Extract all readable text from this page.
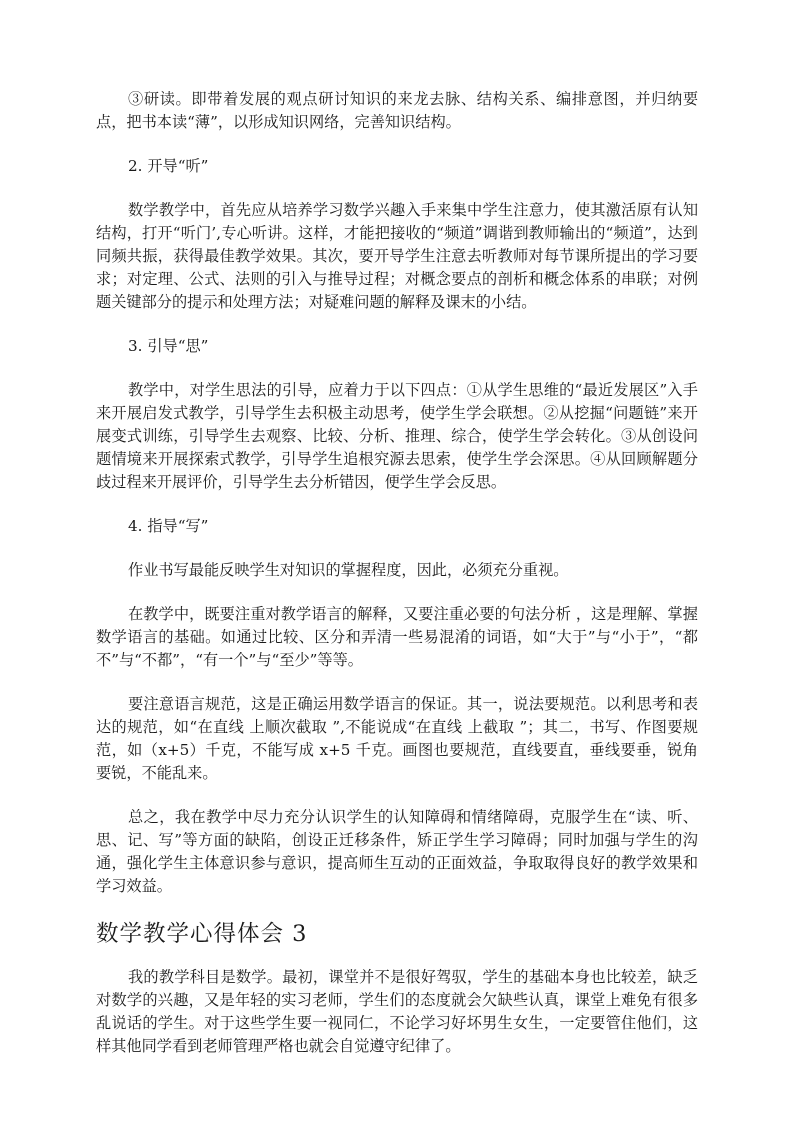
③研读。即带着发展的观点研讨知识的来龙去脉、结构关系、编排意图，并归纳要点，把书本读“薄”，以形成知识网络，完善知识结构。

2. 开导“听”

数学教学中，首先应从培养学习数学兴趣入手来集中学生注意力，使其激活原有认知结构，打开“听门’,专心听讲。这样，才能把接收的“频道”调谐到教师输出的“频道”，达到同频共振，获得最佳教学效果。其次，要开导学生注意去听教师对每节课所提出的学习要求；对定理、公式、法则的引入与推导过程；对概念要点的剖析和概念体系的串联；对例题关键部分的提示和处理方法；对疑难问题的解释及课末的小结。

3. 引导“思”

教学中，对学生思法的引导，应着力于以下四点：①从学生思维的“最近发展区”入手来开展启发式教学，引导学生去积极主动思考，使学生学会联想。②从挖掘“问题链”来开展变式训练，引导学生去观察、比较、分析、推理、综合，使学生学会转化。③从创设问题情境来开展探索式教学，引导学生追根究源去思索，使学生学会深思。④从回顾解题分歧过程来开展评价，引导学生去分析错因，便学生学会反思。

4. 指导“写”

作业书写最能反映学生对知识的掌握程度，因此，必须充分重视。

在教学中，既要注重对教学语言的解释，又要注重必要的句法分析 ，这是理解、掌握数学语言的基础。如通过比较、区分和弄清一些易混淆的词语，如“大于”与“小于”，“都不”与“不都”，“有一个”与“至少”等等。

要注意语言规范，这是正确运用数学语言的保证。其一，说法要规范。以利思考和表达的规范，如“在直线 上顺次截取 ”,不能说成“在直线 上截取 ”；其二，书写、作图要规范，如（x+5）千克，不能写成 x+5 千克。画图也要规范，直线要直，垂线要垂，锐角要锐，不能乱来。

总之，我在教学中尽力充分认识学生的认知障碍和情绪障碍，克服学生在“读、听、思、记、写”等方面的缺陷，创设正迁移条件，矫正学生学习障碍；同时加强与学生的沟通，强化学生主体意识参与意识，提高师生互动的正面效益，争取取得良好的教学效果和学习效益。

数学教学心得体会 3

我的教学科目是数学。最初，课堂并不是很好驾驭，学生的基础本身也比较差，缺乏对数学的兴趣，又是年轻的实习老师，学生们的态度就会欠缺些认真，课堂上难免有很多乱说话的学生。对于这些学生要一视同仁，不论学习好坏男生女生，一定要管住他们，这样其他同学看到老师管理严格也就会自觉遵守纪律了。
